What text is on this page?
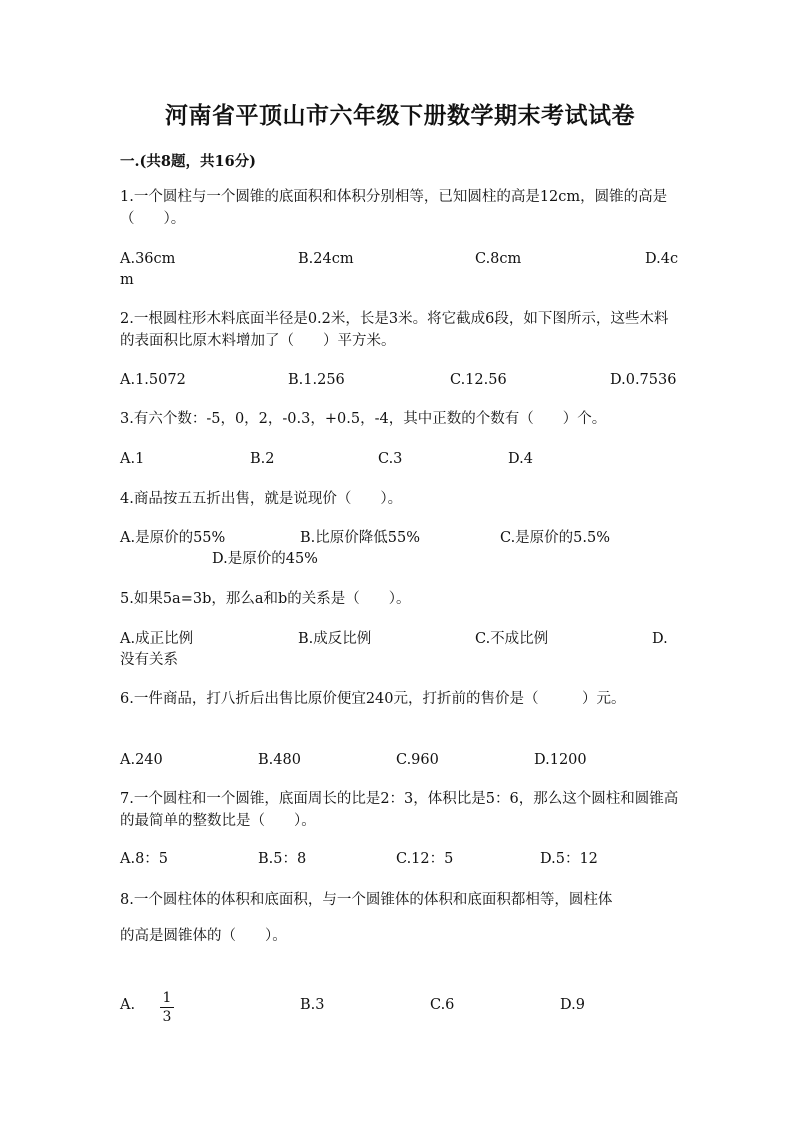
河南省平顶山市六年级下册数学期末考试试卷
一.(共8题，共16分)
1.一个圆柱与一个圆锥的底面积和体积分别相等，已知圆柱的高是12cm，圆锥的高是（　　）。
A.36cm	B.24cm	C.8cm	D.4c
m
2.一根圆柱形木料底面半径是0.2米，长是3米。将它截成6段，如下图所示，这些木料的表面积比原木料增加了（　　）平方米。
A.1.5072	B.1.256	C.12.56	D.0.7536
3.有六个数：-5，0，2，-0.3，+0.5，-4，其中正数的个数有（　　）个。
A.1	B.2	C.3	D.4
4.商品按五五折出售，就是说现价（　　）。
A.是原价的55%	B.比原价降低55%	C.是原价的5.5%
D.是原价的45%
5.如果5a=3b，那么a和b的关系是（　　）。
A.成正比例	B.成反比例	C.不成比例	D.
没有关系
6.一件商品，打八折后出售比原价便宜240元，打折前的售价是（　　　）元。
A.240	B.480	C.960	D.1200
7.一个圆柱和一个圆锥，底面周长的比是2：3，体积比是5：6，那么这个圆柱和圆锥高的最简单的整数比是（　　）。
A.8：5	B.5：8	C.12：5	D.5：12
8.一个圆柱体的体积和底面积，与一个圆锥体的体积和底面积都相等，圆柱体
的高是圆锥体的（　　）。
A. 1
3
B.3	C.6	D.9
